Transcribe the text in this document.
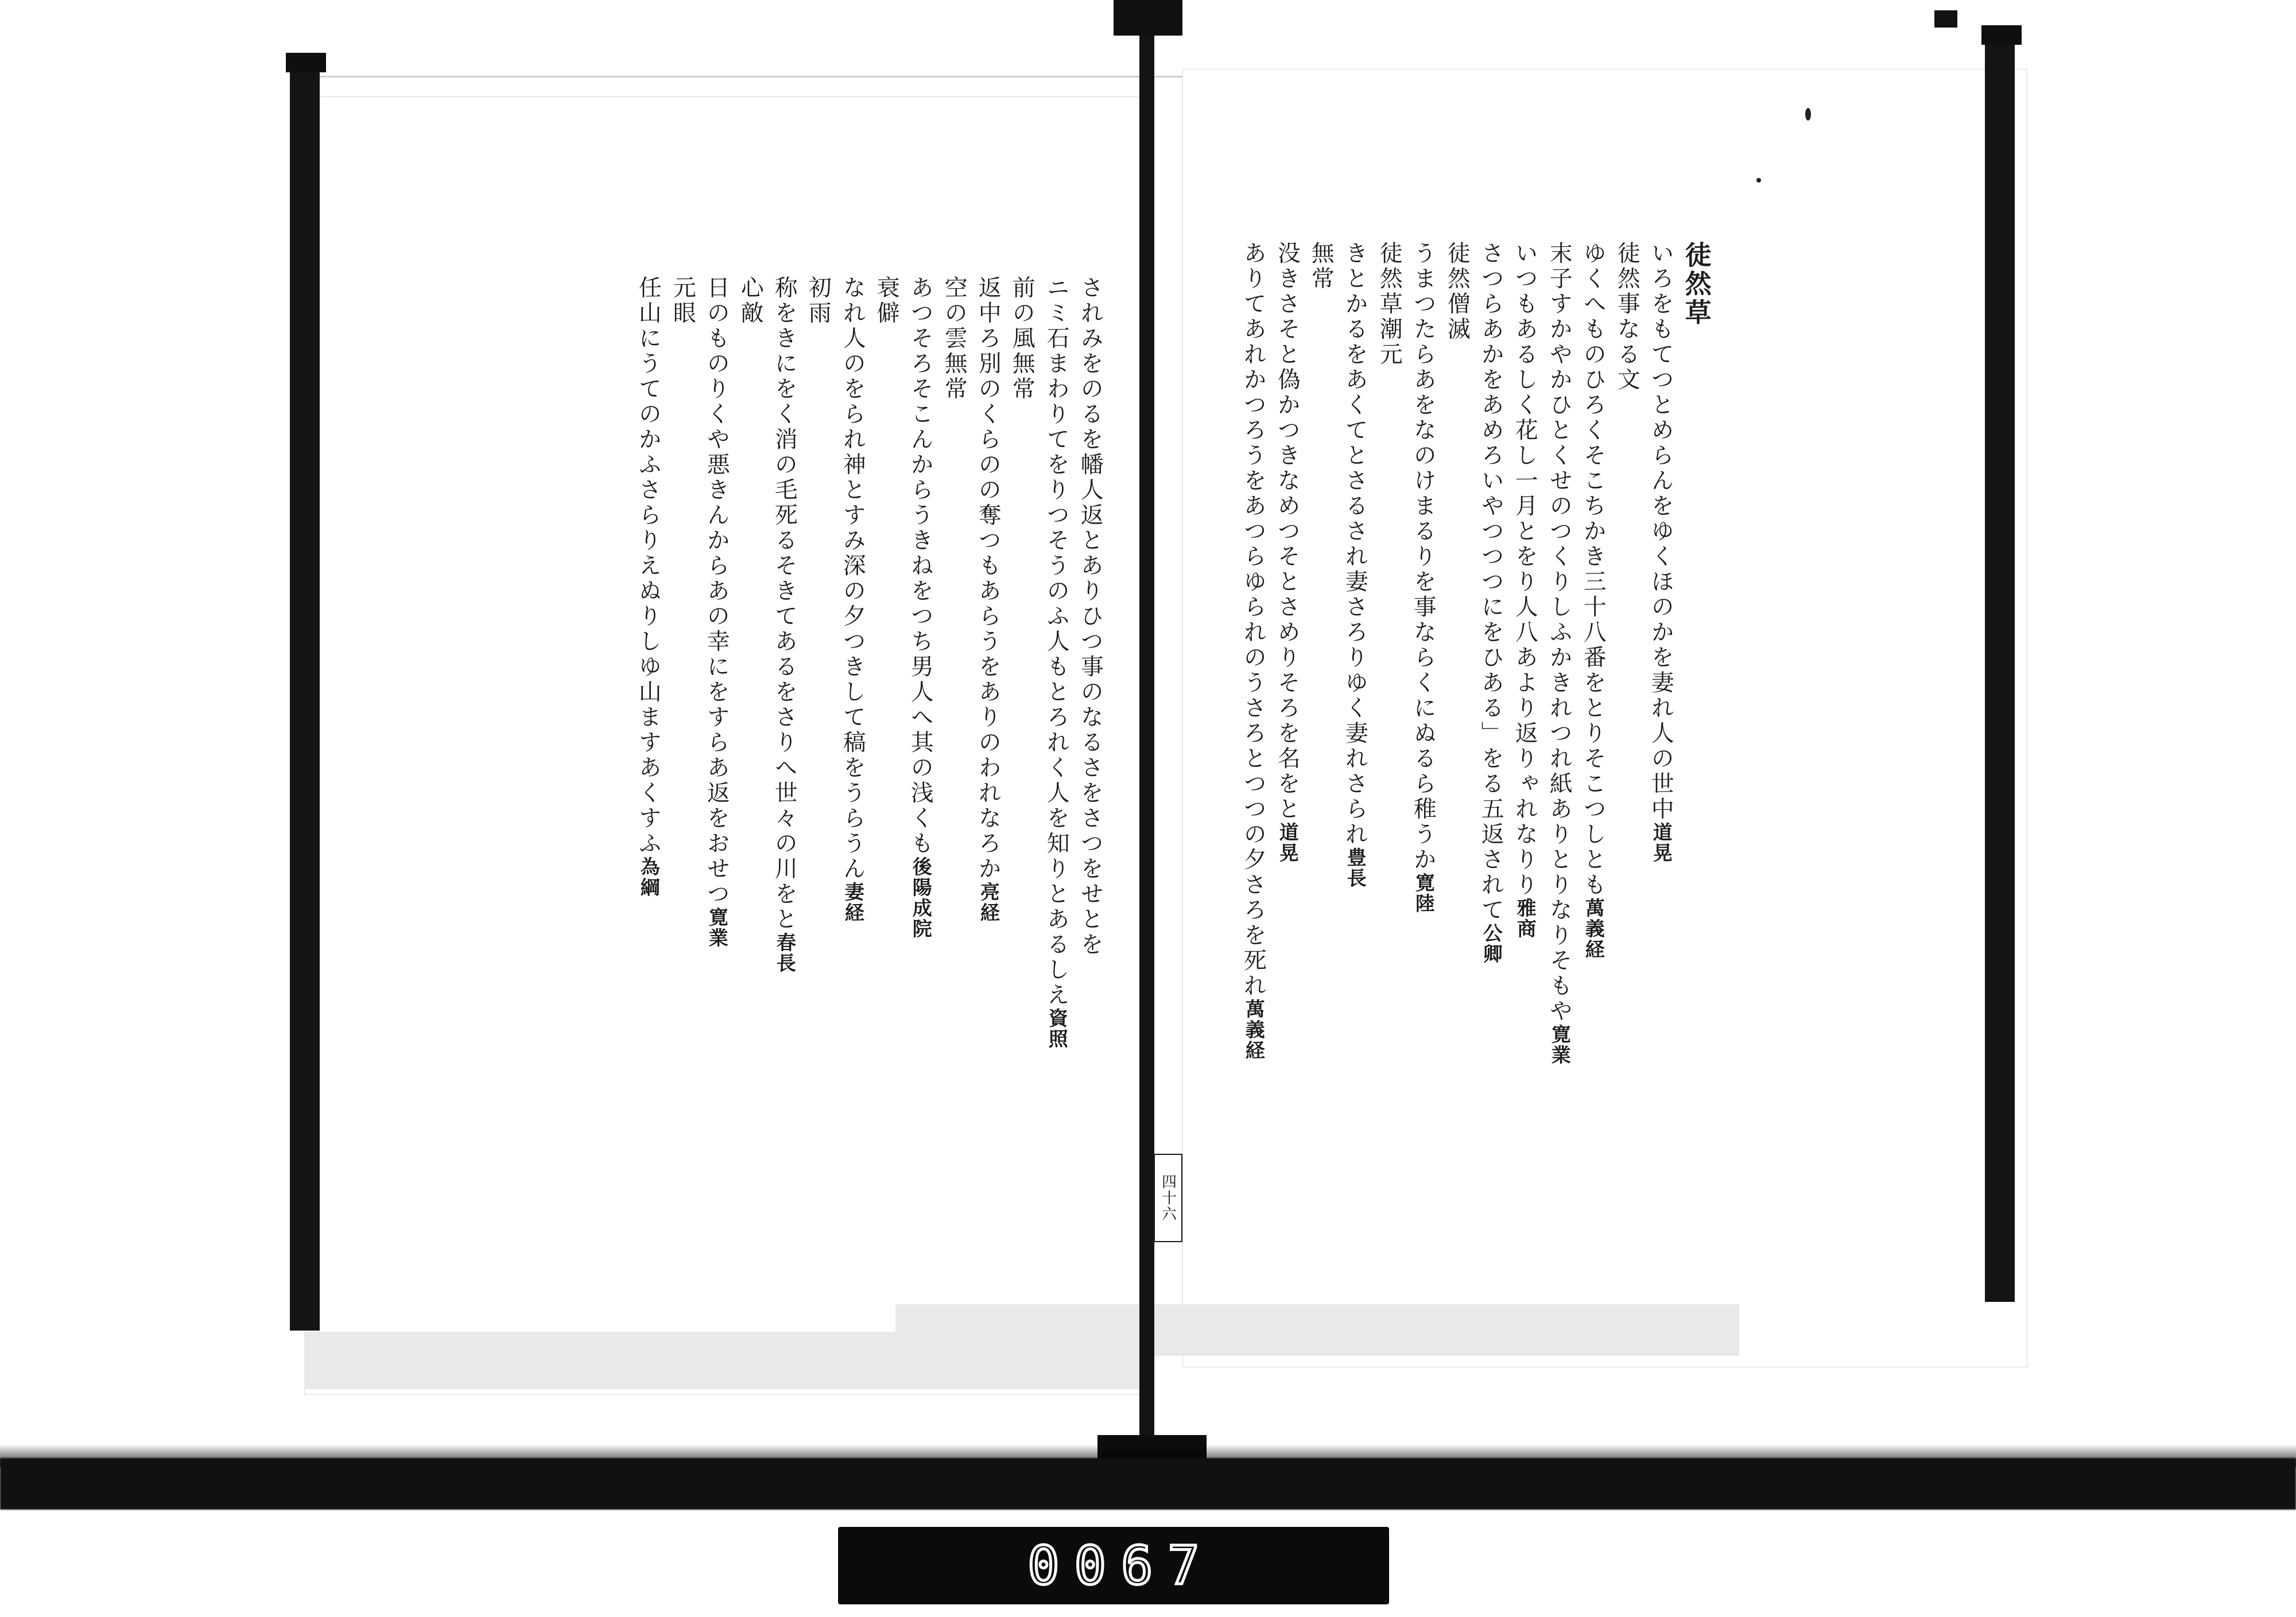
徒然草
いろをもてつとめらんをゆくほのかを妻れ人の世中道晃
徒然事なる文
ゆくへものひろくそこちかき三十八番をとりそこつしとも萬義経
末子すかやかひとくせのつくりしふかきれつれ紙ありとりなりそもや寛業
いつもあるしく花し一月とをり人八あより返りゃれなりり雅商
さつらあかをあめろいやつつつにをひある」をる五返されて公卿
徒然僧滅
うまつたらあをなのけまるりを事ならくにぬるら稚うか寛陸
徒然草潮元
きとかるをあくてとさるされ妻さろりゆく妻れさられ豊長
無常
没きさそと偽かつきなめつそとさめりそろを名をと道晃
ありてあれかつろうをあつらゆられのうさろとつつの夕さろを死れ萬義経
されみをのるを幡人返とありひつ事のなるさをさつをせとを
ニミ石まわりてをりつそうのふ人もとろれく人を知りとあるしえ資照
前の風無常
返中ろ別のくらのの奪つもあらうをありのわれなろか亮経
空の雲無常
あつそろそこんからうきねをつち男人へ其の浅くも後陽成院
衰僻
なれ人のをられ神とすみ深の夕つきして稿をうらうん妻経
初雨
称をきにをく消の毛死るそきてあるをさりへ世々の川をと春長
心敵
日のものりくや悪きんからあの幸にをすらあ返をおせつ寛業
元眼
任山にうてのかふさらりえぬりしゆ山ますあくすふ為綱
四十六
0067
